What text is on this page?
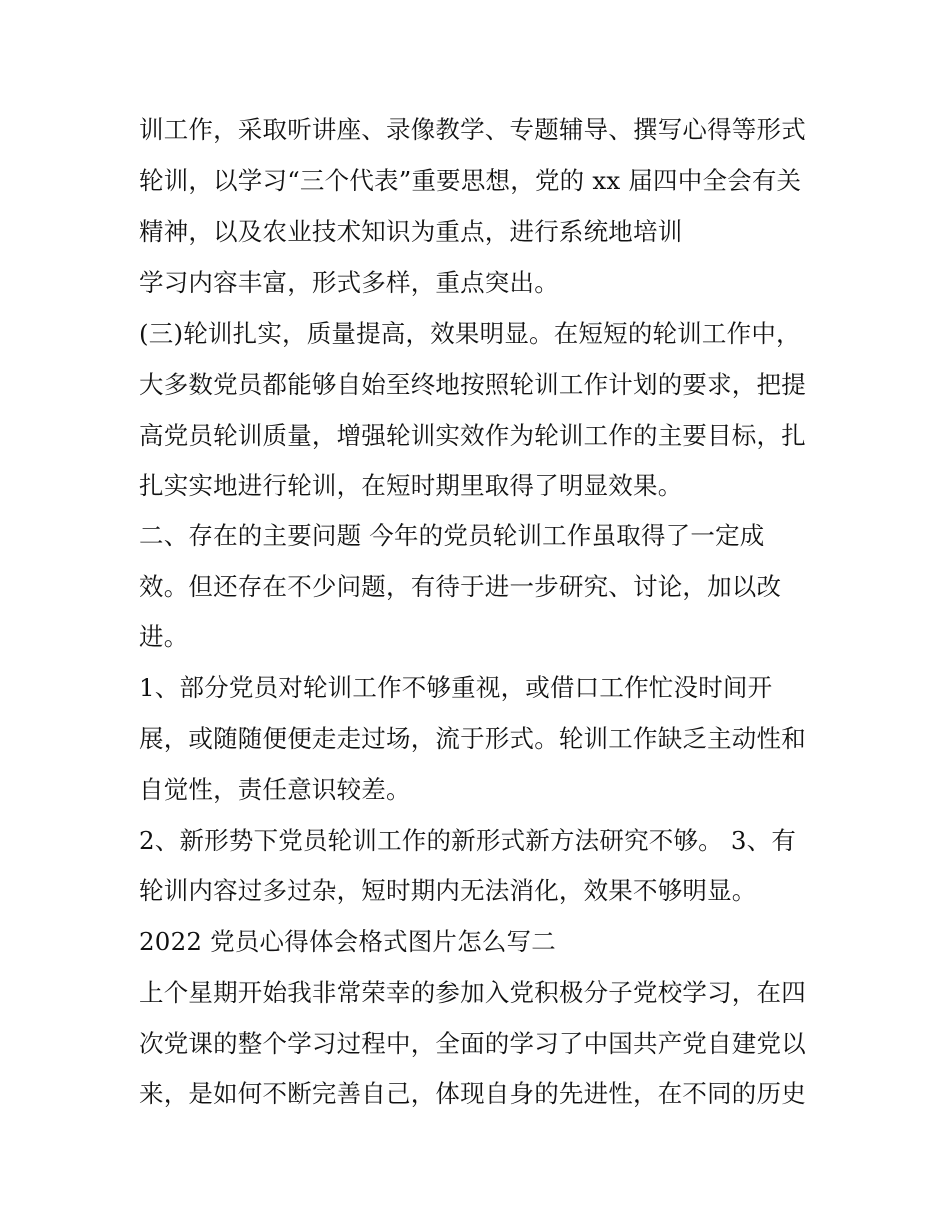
训工作，采取听讲座、录像教学、专题辅导、撰写心得等形式
轮训，以学习“三个代表”重要思想，党的 xx 届四中全会有关
精神，以及农业技术知识为重点，进行系统地培训
学习内容丰富，形式多样，重点突出。
(三)轮训扎实，质量提高，效果明显。在短短的轮训工作中，
大多数党员都能够自始至终地按照轮训工作计划的要求，把提
高党员轮训质量，增强轮训实效作为轮训工作的主要目标，扎
扎实实地进行轮训，在短时期里取得了明显效果。
二、存在的主要问题 今年的党员轮训工作虽取得了一定成
效。但还存在不少问题，有待于进一步研究、讨论，加以改
进。
1、部分党员对轮训工作不够重视，或借口工作忙没时间开
展，或随随便便走走过场，流于形式。轮训工作缺乏主动性和
自觉性，责任意识较差。
2、新形势下党员轮训工作的新形式新方法研究不够。 3、有
轮训内容过多过杂，短时期内无法消化，效果不够明显。
2022 党员心得体会格式图片怎么写二
上个星期开始我非常荣幸的参加入党积极分子党校学习，在四
次党课的整个学习过程中，全面的学习了中国共产党自建党以
来，是如何不断完善自己，体现自身的先进性，在不同的历史
